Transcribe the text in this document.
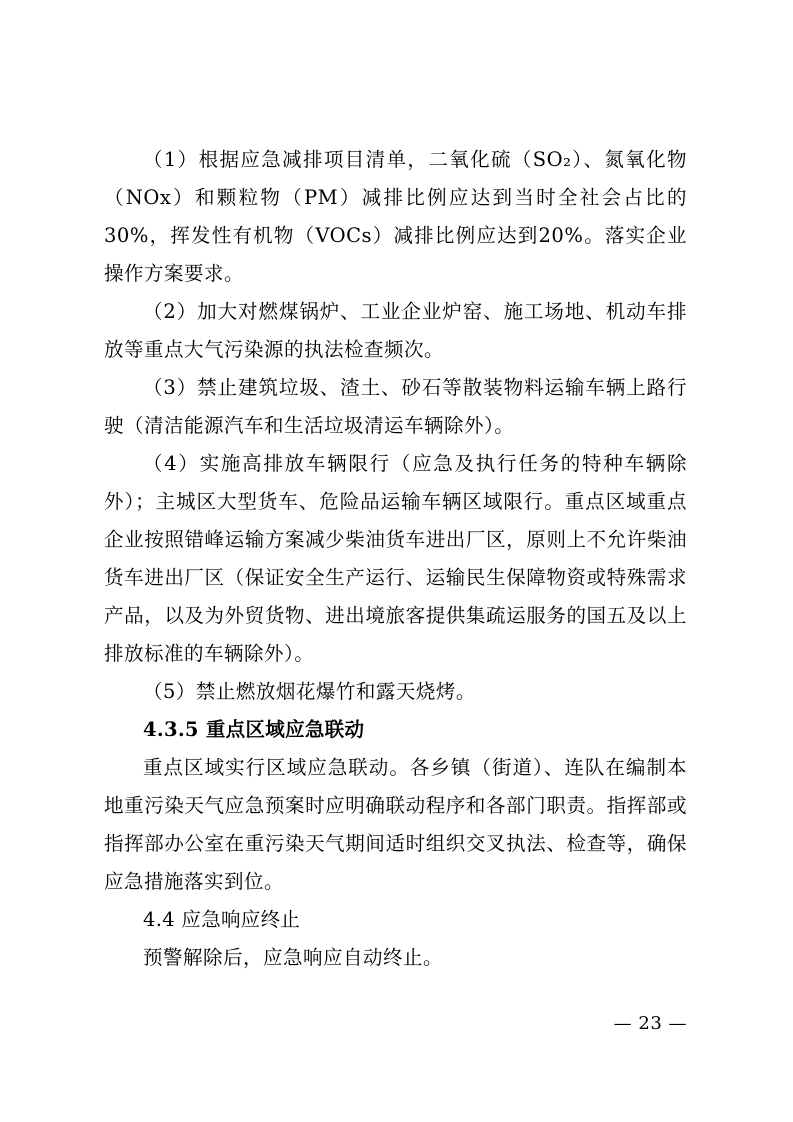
（1）根据应急减排项目清单，二氧化硫（SO₂）、氮氧化物（NOx）和颗粒物（PM）减排比例应达到当时全社会占比的30%，挥发性有机物（VOCs）减排比例应达到20%。落实企业操作方案要求。

（2）加大对燃煤锅炉、工业企业炉窑、施工场地、机动车排放等重点大气污染源的执法检查频次。

（3）禁止建筑垃圾、渣土、砂石等散装物料运输车辆上路行驶（清洁能源汽车和生活垃圾清运车辆除外）。

（4）实施高排放车辆限行（应急及执行任务的特种车辆除外）；主城区大型货车、危险品运输车辆区域限行。重点区域重点企业按照错峰运输方案减少柴油货车进出厂区，原则上不允许柴油货车进出厂区（保证安全生产运行、运输民生保障物资或特殊需求产品，以及为外贸货物、进出境旅客提供集疏运服务的国五及以上排放标准的车辆除外）。

（5）禁止燃放烟花爆竹和露天烧烤。

4.3.5 重点区域应急联动

重点区域实行区域应急联动。各乡镇（街道）、连队在编制本地重污染天气应急预案时应明确联动程序和各部门职责。指挥部或指挥部办公室在重污染天气期间适时组织交叉执法、检查等，确保应急措施落实到位。

4.4 应急响应终止

预警解除后，应急响应自动终止。

— 23 —
